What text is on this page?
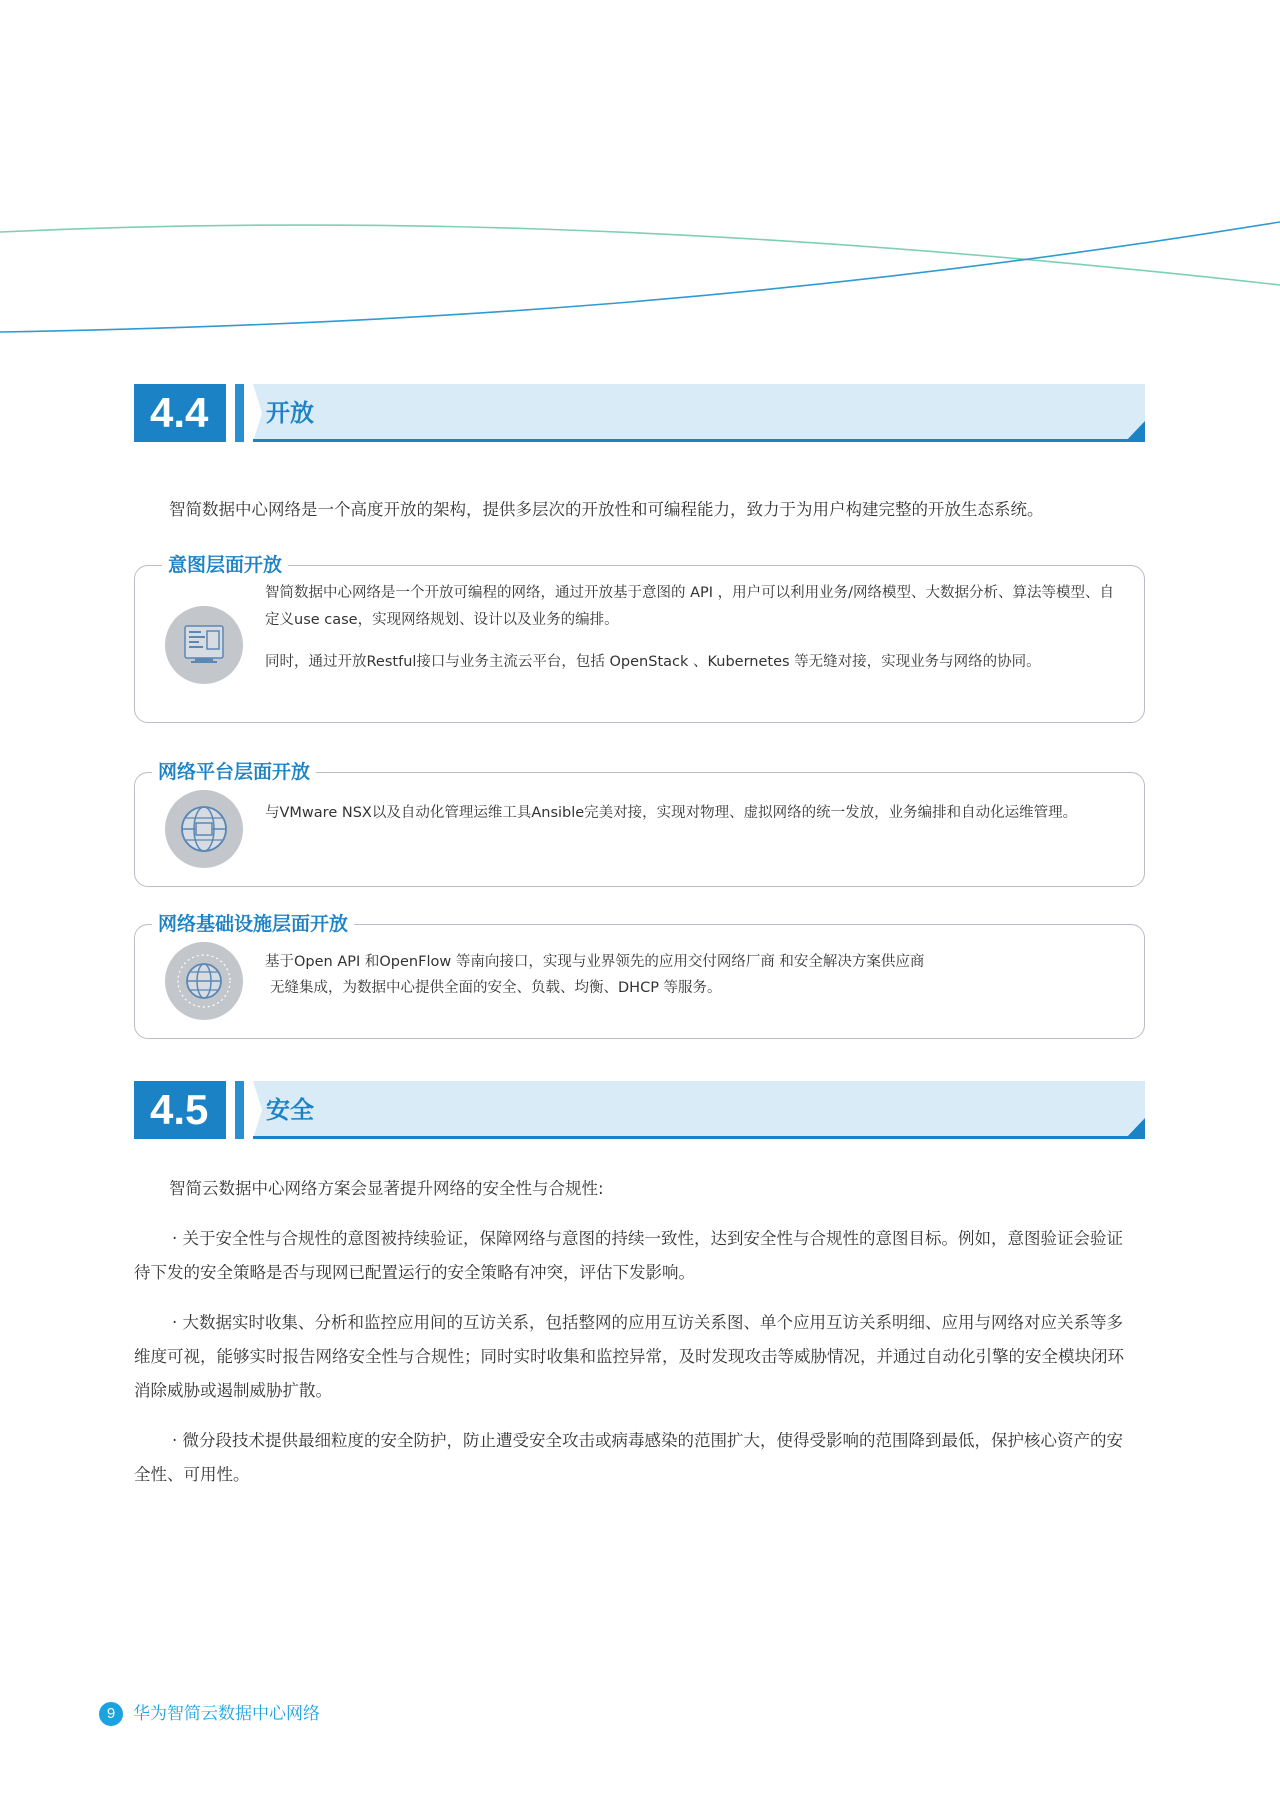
4.4	开放

智简数据中心网络是一个高度开放的架构，提供多层次的开放性和可编程能力，致力于为用户构建完整的开放生态系统。

意图层面开放

智简数据中心网络是一个开放可编程的网络，通过开放基于意图的 API ，用户可以利用业务/网络模型、大数据分析、算法等模型、自定义use case，实现网络规划、设计以及业务的编排。

同时，通过开放Restful接口与业务主流云平台，包括 OpenStack 、Kubernetes 等无缝对接，实现业务与网络的协同。

网络平台层面开放

与VMware NSX以及自动化管理运维工具Ansible完美对接，实现对物理、虚拟网络的统一发放，业务编排和自动化运维管理。

网络基础设施层面开放

基于Open API 和OpenFlow 等南向接口，实现与业界领先的应用交付网络厂商 和安全解决方案供应商

无缝集成，为数据中心提供全面的安全、负载、均衡、DHCP 等服务。

4.5	安全

智简云数据中心网络方案会显著提升网络的安全性与合规性:

· 关于安全性与合规性的意图被持续验证，保障网络与意图的持续一致性，达到安全性与合规性的意图目标。例如，意图验证会验证待下发的安全策略是否与现网已配置运行的安全策略有冲突，评估下发影响。

· 大数据实时收集、分析和监控应用间的互访关系，包括整网的应用互访关系图、单个应用互访关系明细、应用与网络对应关系等多维度可视，能够实时报告网络安全性与合规性；同时实时收集和监控异常，及时发现攻击等威胁情况，并通过自动化引擎的安全模块闭环消除威胁或遏制威胁扩散。

· 微分段技术提供最细粒度的安全防护，防止遭受安全攻击或病毒感染的范围扩大，使得受影响的范围降到最低，保护核心资产的安全性、可用性。

9	华为智简云数据中心网络
